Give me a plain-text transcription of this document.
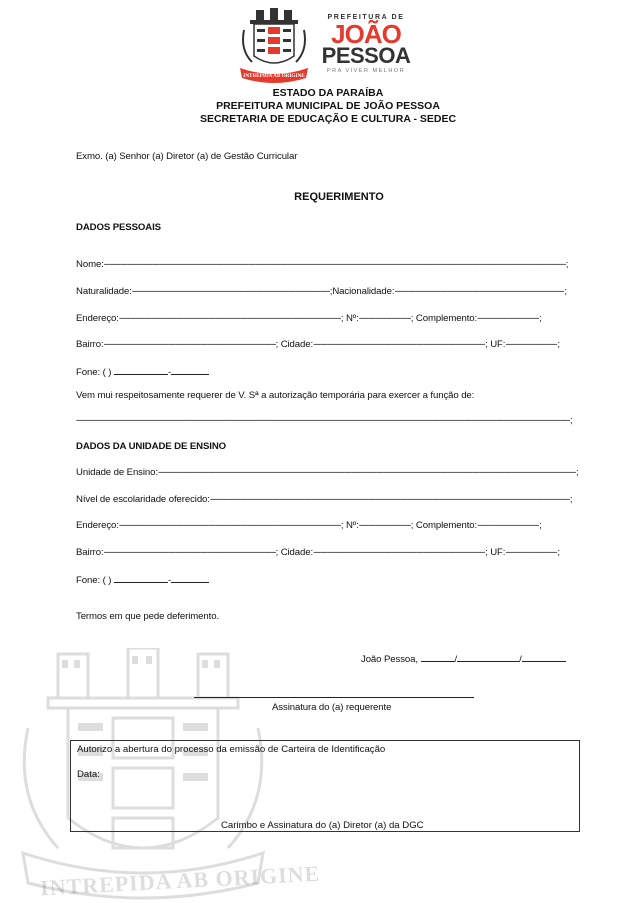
INTREPIDA AB ORIGINE
INTREPIDA AB ORIGINE
PREFEITURA DE
JOÃO
PESSOA
PRA VIVER MELHOR
ESTADO DA PARAÍBA
PREFEITURA MUNICIPAL DE JOÃO PESSOA
SECRETARIA DE EDUCAÇÃO E CULTURA - SEDEC
Exmo. (a) Senhor (a) Diretor (a) de Gestão Curricular
REQUERIMENTO
DADOS PESSOAIS
Nome: -----	;
Naturalidade: -----	;Nacionalidade: -----	;
Endereço: -----	; Nº: -----	; Complemento: -----	;
Bairro: -----	; Cidade: -----	; UF: -----	;
Fone: ( )	-
Vem mui respeitosamente requerer de V. Sª a autorização temporária para exercer a função de:
-----;
DADOS DA UNIDADE DE ENSINO
Unidade de Ensino: -----	;
Nível de escolaridade oferecido: -----	;
Endereço: -----	; Nº: -----	; Complemento: -----	;
Bairro: -----	; Cidade: -----	; UF: -----	;
Fone: ( )	-
Termos em que pede deferimento.
João Pessoa,	/	/
Assinatura do (a) requerente
Autorizo a abertura do processo da emissão de Carteira de Identificação
Data:
Carimbo e Assinatura do (a) Diretor (a) da DGC
